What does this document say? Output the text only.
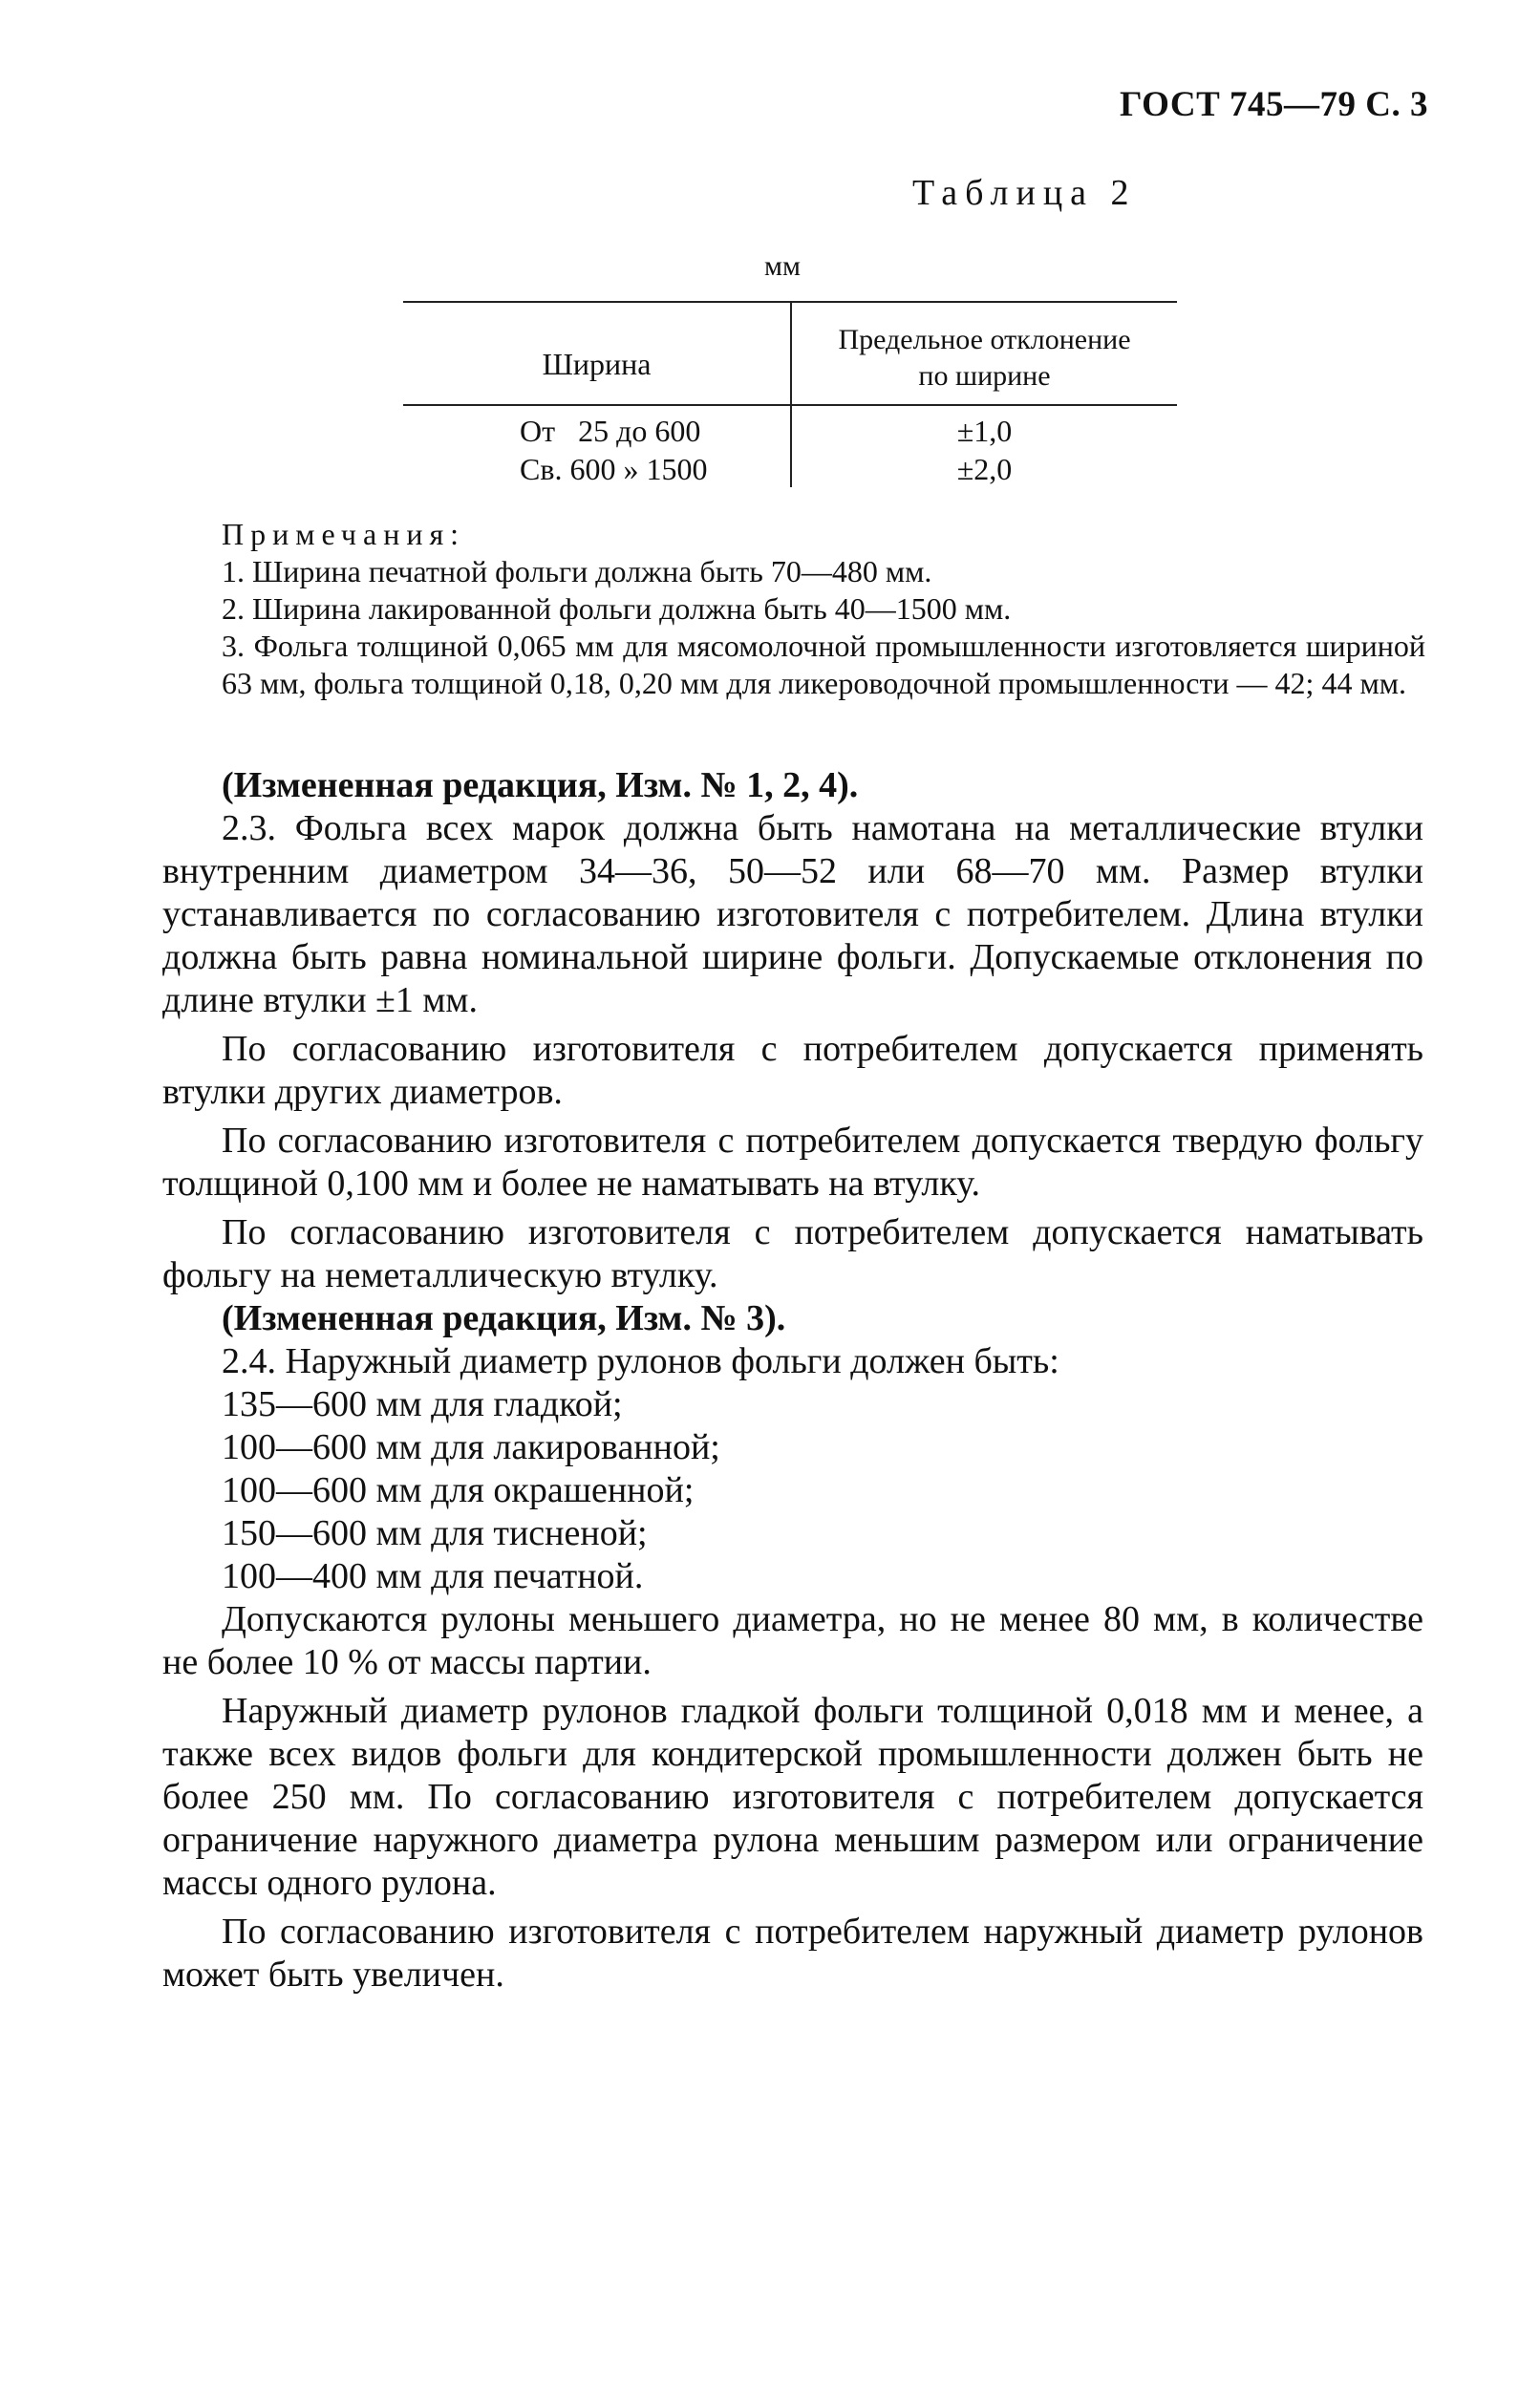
ГОСТ 745—79 С. 3
Таблица 2
мм
Ширина
Предельное отклонение
по ширине
От   25 до 600	±1,0
Св. 600 » 1500	±2,0

Примечания:

1. Ширина печатной фольги должна быть 70—480 мм.

2. Ширина лакированной фольги должна быть 40—1500 мм.

3. Фольга толщиной 0,065 мм для мясомолочной промышленности изготовляется шириной 63 мм, фольга толщиной 0,18, 0,20 мм для ликероводочной промышленности — 42; 44 мм.

(Измененная редакция, Изм. № 1, 2, 4).

2.3. Фольга всех марок должна быть намотана на металлические втулки внутренним диаметром 34—36, 50—52 или 68—70 мм. Размер втулки устанавливается по согласованию изготовителя с потребителем. Длина втулки должна быть равна номинальной ширине фольги. Допускаемые отклонения по длине втулки ±1 мм.

По согласованию изготовителя с потребителем допускается применять втулки других диаметров.

По согласованию изготовителя с потребителем допускается твердую фольгу толщиной 0,100 мм и более не наматывать на втулку.

По согласованию изготовителя с потребителем допускается наматывать фольгу на неметаллическую втулку.

(Измененная редакция, Изм. № 3).

2.4. Наружный диаметр рулонов фольги должен быть:

135—600 мм для гладкой;

100—600 мм для лакированной;

100—600 мм для окрашенной;

150—600 мм для тисненой;

100—400 мм для печатной.

Допускаются рулоны меньшего диаметра, но не менее 80 мм, в количестве не более 10 % от массы партии.

Наружный диаметр рулонов гладкой фольги толщиной 0,018 мм и менее, а также всех видов фольги для кондитерской промышленности должен быть не более 250 мм. По согласованию изготовителя с потребителем допускается ограничение наружного диаметра рулона меньшим размером или ограничение массы одного рулона.

По согласованию изготовителя с потребителем наружный диаметр рулонов может быть увеличен.
